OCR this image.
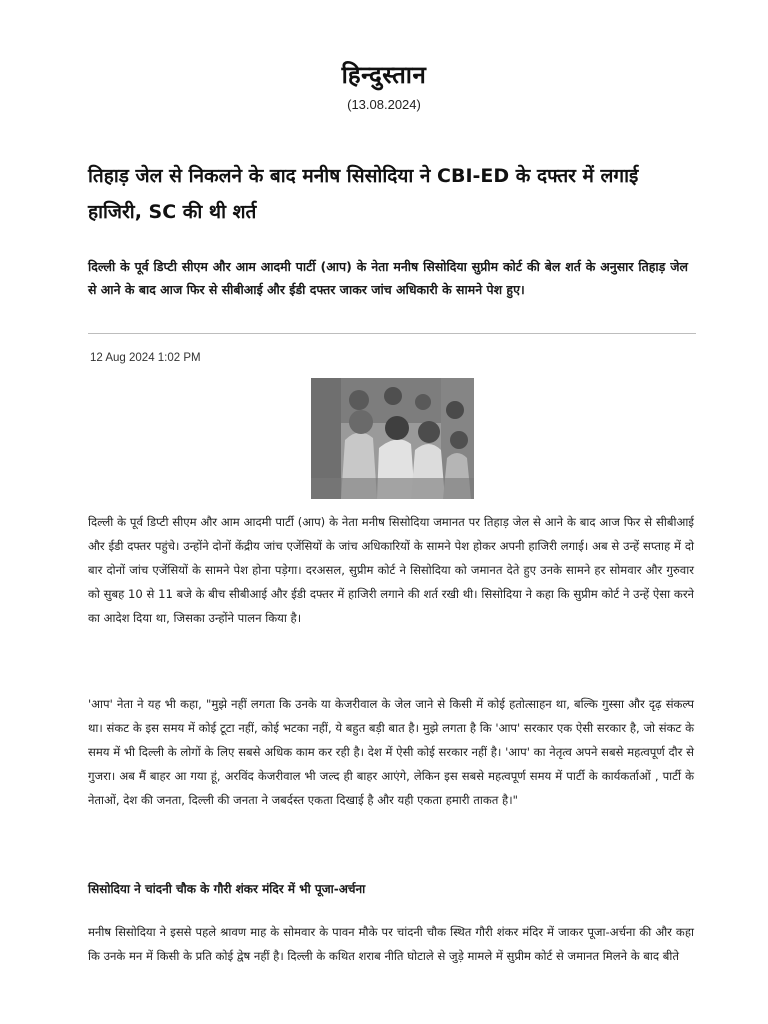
हिन्दुस्तान
(13.08.2024)
तिहाड़ जेल से निकलने के बाद मनीष सिसोदिया ने CBI-ED के दफ्तर में लगाई हाजिरी, SC की थी शर्त
दिल्ली के पूर्व डिप्टी सीएम और आम आदमी पार्टी (आप) के नेता मनीष सिसोदिया सुप्रीम कोर्ट की बेल शर्त के अनुसार तिहाड़ जेल से आने के बाद आज फिर से सीबीआई और ईडी दफ्तर जाकर जांच अधिकारी के सामने पेश हुए।
12 Aug 2024 1:02 PM
दिल्ली के पूर्व डिप्टी सीएम और आम आदमी पार्टी (आप) के नेता मनीष सिसोदिया जमानत पर तिहाड़ जेल से आने के बाद आज फिर से सीबीआई और ईडी दफ्तर पहुंचे। उन्होंने दोनों केंद्रीय जांच एजेंसियों के जांच अधिकारियों के सामने पेश होकर अपनी हाजिरी लगाई। अब से उन्हें सप्ताह में दो बार दोनों जांच एजेंसियों के सामने पेश होना पड़ेगा। दरअसल, सुप्रीम कोर्ट ने सिसोदिया को जमानत देते हुए उनके सामने हर सोमवार और गुरुवार को सुबह 10 से 11 बजे के बीच सीबीआई और ईडी दफ्तर में हाजिरी लगाने की शर्त रखी थी। सिसोदिया ने कहा कि सुप्रीम कोर्ट ने उन्हें ऐसा करने का आदेश दिया था, जिसका उन्होंने पालन किया है।
'आप' नेता ने यह भी कहा, "मुझे नहीं लगता कि उनके या केजरीवाल के जेल जाने से किसी में कोई हतोत्साहन था, बल्कि गुस्सा और दृढ़ संकल्प था। संकट के इस समय में कोई टूटा नहीं, कोई भटका नहीं, ये बहुत बड़ी बात है। मुझे लगता है कि 'आप' सरकार एक ऐसी सरकार है, जो संकट के समय में भी दिल्ली के लोगों के लिए सबसे अधिक काम कर रही है। देश में ऐसी कोई सरकार नहीं है। 'आप' का नेतृत्व अपने सबसे महत्वपूर्ण दौर से गुजरा। अब मैं बाहर आ गया हूं, अरविंद केजरीवाल भी जल्द ही बाहर आएंगे, लेकिन इस सबसे महत्वपूर्ण समय में पार्टी के कार्यकर्ताओं , पार्टी के नेताओं, देश की जनता, दिल्ली की जनता ने जबर्दस्त एकता दिखाई है और यही एकता हमारी ताकत है।"
सिसोदिया ने चांदनी चौक के गौरी शंकर मंदिर में भी पूजा-अर्चना
मनीष सिसोदिया ने इससे पहले श्रावण माह के सोमवार के पावन मौके पर चांदनी चौक स्थित गौरी शंकर मंदिर में जाकर पूजा-अर्चना की और कहा कि उनके मन में किसी के प्रति कोई द्वेष नहीं है। दिल्ली के कथित शराब नीति घोटाले से जुड़े मामले में सुप्रीम कोर्ट से जमानत मिलने के बाद बीते
